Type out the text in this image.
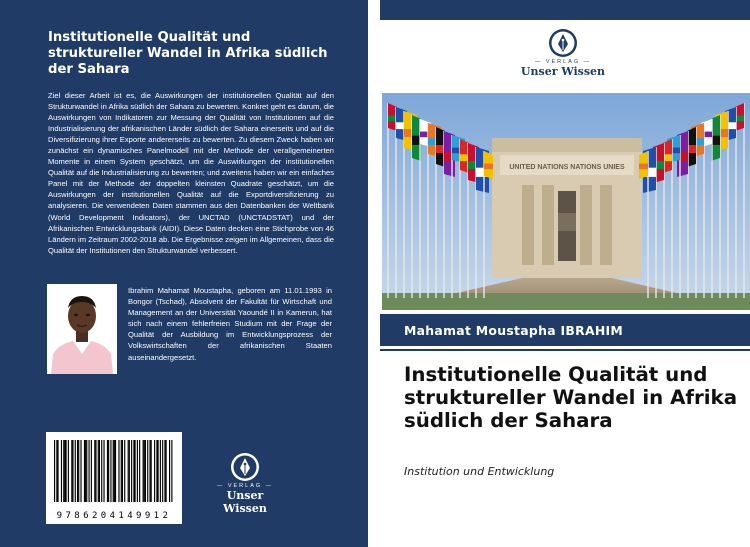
Institutionelle Qualität und struktureller Wandel in Afrika südlich der Sahara
Ziel dieser Arbeit ist es, die Auswirkungen der institutionellen Qualität auf den Strukturwandel in Afrika südlich der Sahara zu bewerten. Konkret geht es darum, die Auswirkungen von Indikatoren zur Messung der Qualität von Institutionen auf die Industrialisierung der afrikanischen Länder südlich der Sahara einerseits und auf die Diversifizierung ihrer Exporte andererseits zu bewerten. Zu diesem Zweck haben wir zunächst ein dynamisches Panelmodell mit der Methode der verallgemeinerten Momente in einem System geschätzt, um die Auswirkungen der institutionellen Qualität auf die Industrialisierung zu bewerten; und zweitens haben wir ein einfaches Panel mit der Methode der doppelten kleinsten Quadrate geschätzt, um die Auswirkungen der institutionellen Qualität auf die Exportdiversifizierung zu analysieren. Die verwendeten Daten stammen aus den Datenbanken der Weltbank (World Development Indicators), der UNCTAD (UNCTADSTAT) und der Afrikanischen Entwicklungsbank (AIDI). Diese Daten decken eine Stichprobe von 46 Ländern im Zeitraum 2002-2018 ab. Die Ergebnisse zeigen im Allgemeinen, dass die Qualität der Institutionen den Strukturwandel verbessert.
Ibrahim Mahamat Moustapha, geboren am 11.01.1993 in Bongor (Tschad), Absolvent der Fakultät für Wirtschaft und Management an der Universität Yaoundé II in Kamerun, hat sich nach einem fehlerfreien Studium mit der Frage der Qualität der Ausbildung im Entwicklungsprozess der Volkswirtschaften der afrikanischen Staaten auseinandergesetzt.
9786204149912
— VERLAG —
Unser Wissen
— VERLAG —
Unser Wissen
UNITED NATIONS NATIONS UNIES
Mahamat Moustapha IBRAHIM
Institutionelle Qualität und struktureller Wandel in Afrika südlich der Sahara
Institution und Entwicklung
